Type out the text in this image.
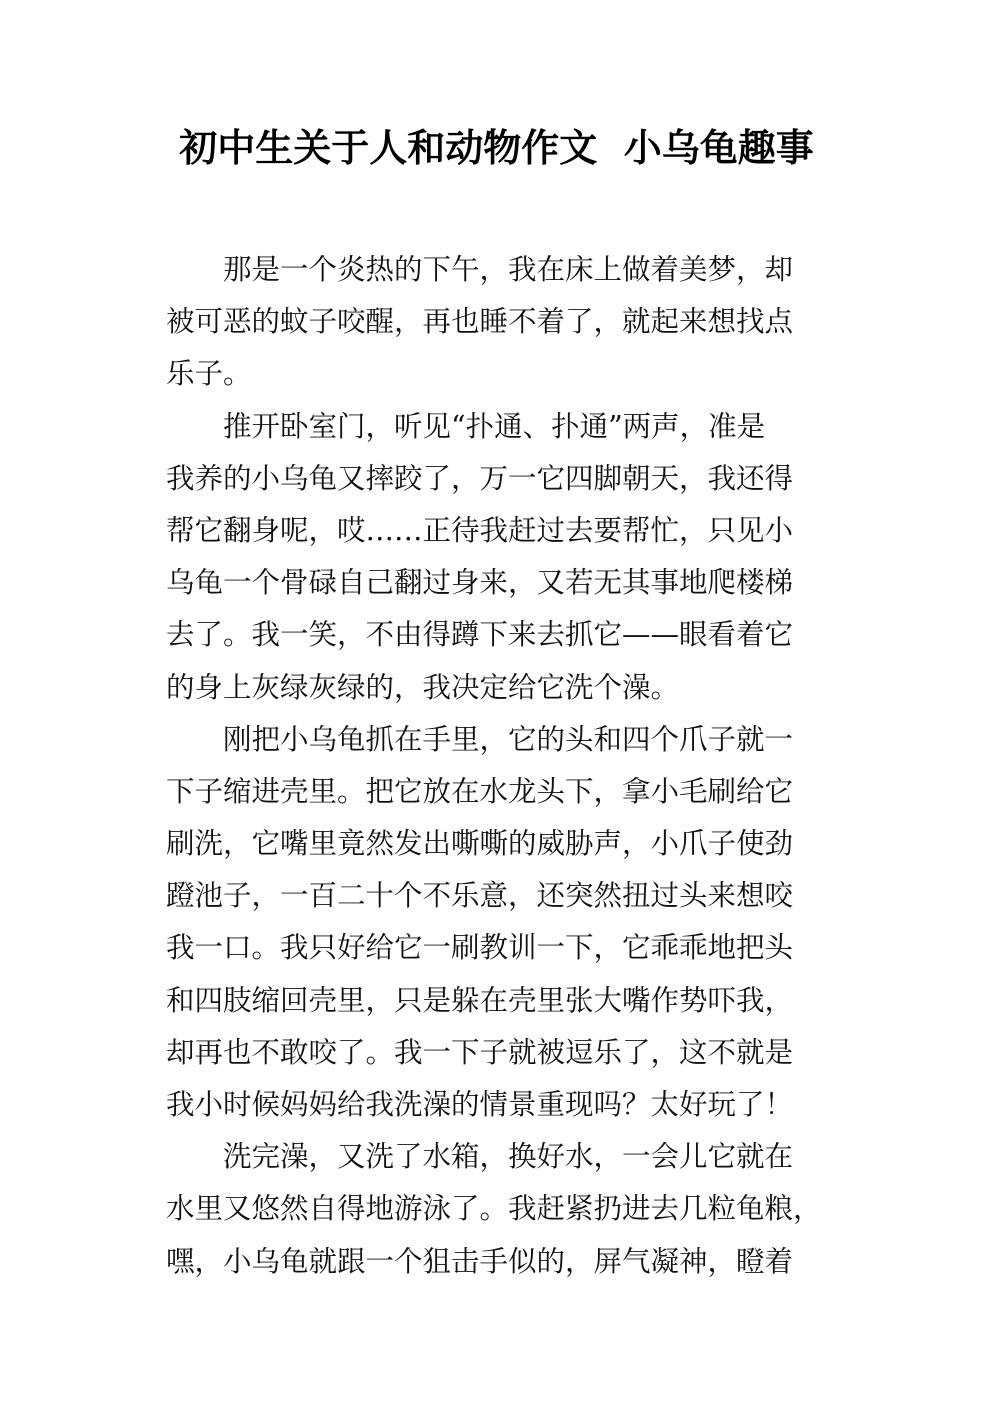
初中生关于人和动物作文  小乌龟趣事
那是一个炎热的下午，我在床上做着美梦，却
被可恶的蚊子咬醒，再也睡不着了，就起来想找点
乐子。
推开卧室门，听见“扑通、扑通”两声，准是
我养的小乌龟又摔跤了，万一它四脚朝天，我还得
帮它翻身呢，哎……正待我赶过去要帮忙，只见小
乌龟一个骨碌自己翻过身来，又若无其事地爬楼梯
去了。我一笑，不由得蹲下来去抓它——眼看着它
的身上灰绿灰绿的，我决定给它洗个澡。
刚把小乌龟抓在手里，它的头和四个爪子就一
下子缩进壳里。把它放在水龙头下，拿小毛刷给它
刷洗，它嘴里竟然发出嘶嘶的威胁声，小爪子使劲
蹬池子，一百二十个不乐意，还突然扭过头来想咬
我一口。我只好给它一刷教训一下，它乖乖地把头
和四肢缩回壳里，只是躲在壳里张大嘴作势吓我，
却再也不敢咬了。我一下子就被逗乐了，这不就是
我小时候妈妈给我洗澡的情景重现吗？太好玩了！
洗完澡，又洗了水箱，换好水，一会儿它就在
水里又悠然自得地游泳了。我赶紧扔进去几粒龟粮，
嘿，小乌龟就跟一个狙击手似的，屏气凝神，瞪着
